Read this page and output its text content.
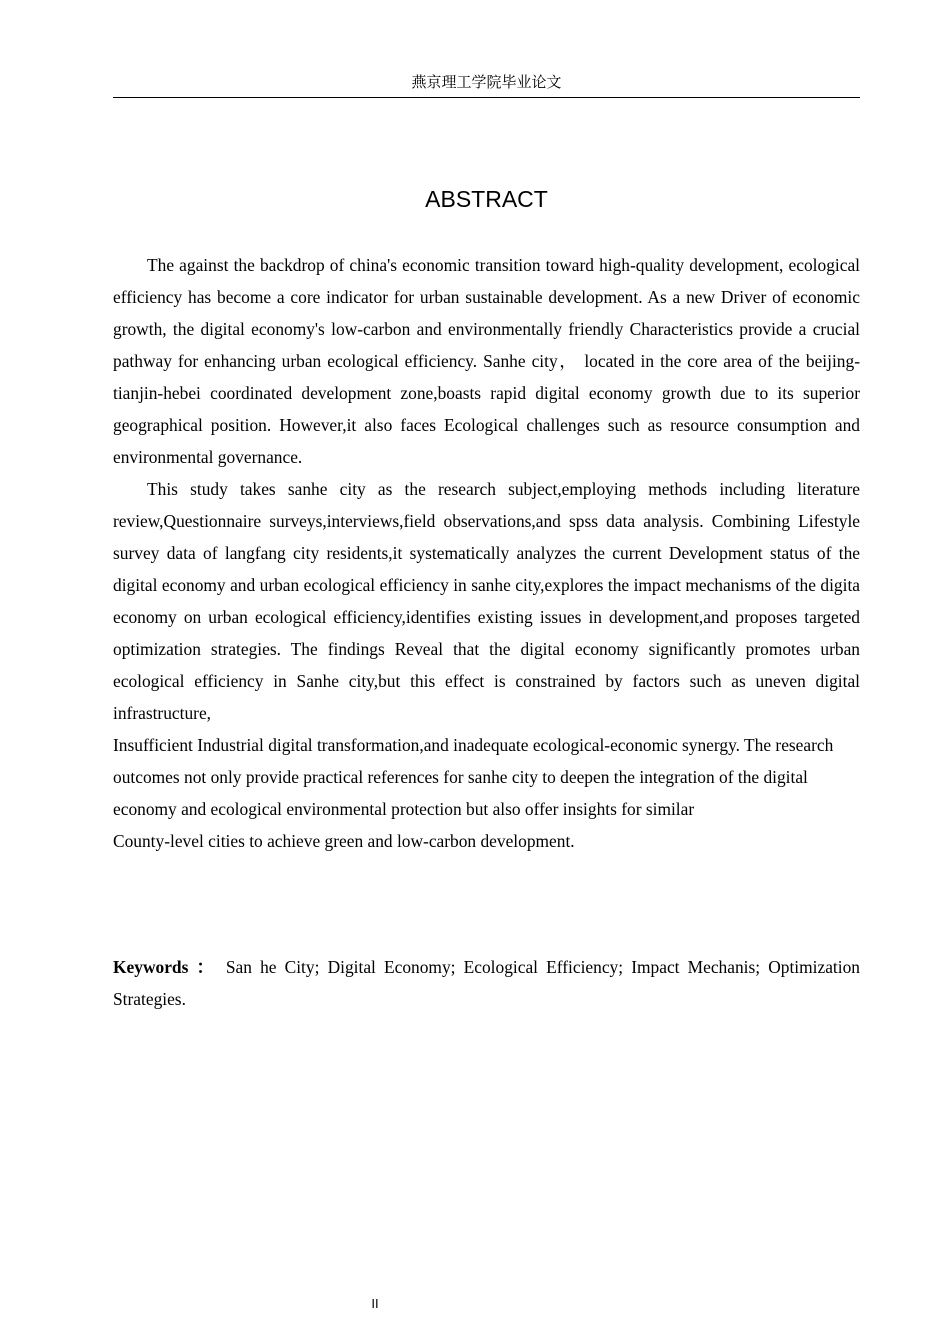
燕京理工学院毕业论文
ABSTRACT

The against the backdrop of china's economic transition toward high-quality development, ecological efficiency has become a core indicator for urban sustainable development. As a new Driver of economic growth, the digital economy's low-carbon and environmentally friendly Characteristics provide a crucial pathway for enhancing urban ecological efficiency. Sanhe city， located in the core area of the beijing-tianjin-hebei coordinated development zone,boasts rapid digital economy growth due to its superior geographical position. However,it also faces Ecological challenges such as resource consumption and environmental governance.

This study takes sanhe city as the research subject,employing methods including literature review,Questionnaire surveys,interviews,field observations,and spss data analysis. Combining Lifestyle survey data of langfang city residents,it systematically analyzes the current Development status of the digital economy and urban ecological efficiency in sanhe city,explores the impact mechanisms of the digita economy on urban ecological efficiency,identifies existing issues in development,and proposes targeted optimization strategies. The findings Reveal that the digital economy significantly promotes urban ecological efficiency in Sanhe city,but this effect is constrained by factors such as uneven digital infrastructure,

Insufficient Industrial digital transformation,and inadequate ecological-economic synergy. The research outcomes not only provide practical references for sanhe city to deepen the integration of the digital economy and ecological environmental protection but also offer insights for similar

County-level cities to achieve green and low-carbon development.

Keywords ： San he City; Digital Economy; Ecological Efficiency; Impact Mechanis; Optimization Strategies.
II
